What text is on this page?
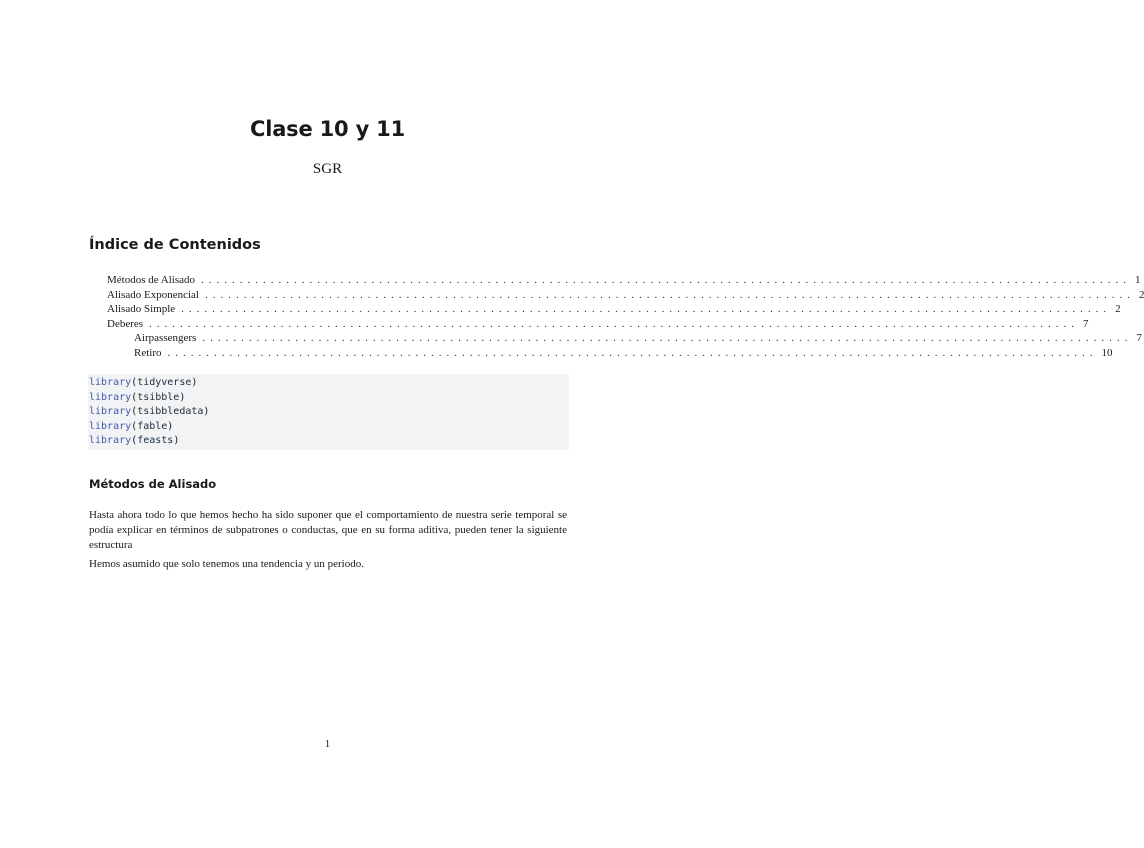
Clase 10 y 11
SGR
Índice de Contenidos
Métodos de Alisado ........................................................................................................................ 1
Alisado Exponencial ........................................................................................................................ 2
Alisado Simple ........................................................................................................................ 2
Deberes ........................................................................................................................ 7
Airpassengers ........................................................................................................................ 7
Retiro ........................................................................................................................ 10
library(tidyverse)
library(tsibble)
library(tsibbledata)
library(fable)
library(feasts)
Métodos de Alisado

Hasta ahora todo lo que hemos hecho ha sido suponer que el comportamiento de nuestra serie temporal se podía explicar en términos de subpatrones o conductas, que en su forma aditiva, pueden tener la siguiente estructura

Hemos asumido que solo tenemos una tendencia y un periodo.

1
